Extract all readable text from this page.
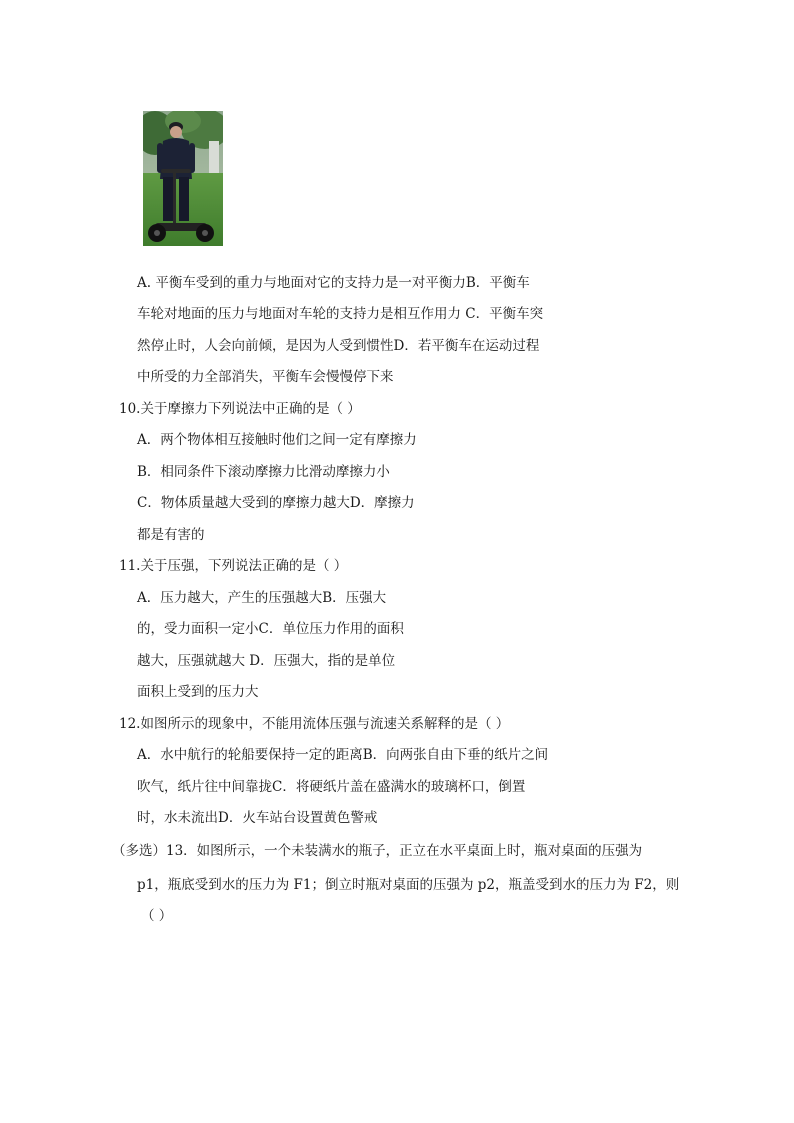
A. 平衡车受到的重力与地面对它的支持力是一对平衡力B．平衡车
车轮对地面的压力与地面对车轮的支持力是相互作用力 C．平衡车突
然停止时，人会向前倾，是因为人受到惯性D．若平衡车在运动过程
中所受的力全部消失，平衡车会慢慢停下来
10.关于摩擦力下列说法中正确的是（ ）
A．两个物体相互接触时他们之间一定有摩擦力
B．相同条件下滚动摩擦力比滑动摩擦力小
C．物体质量越大受到的摩擦力越大D．摩擦力
都是有害的
11.关于压强，下列说法正确的是（ ）
A．压力越大，产生的压强越大B．压强大
的，受力面积一定小C．单位压力作用的面积
越大，压强就越大 D．压强大，指的是单位
面积上受到的压力大
12.如图所示的现象中，不能用流体压强与流速关系解释的是（ ）
A．水中航行的轮船要保持一定的距离B．向两张自由下垂的纸片之间
吹气，纸片往中间靠拢C．将硬纸片盖在盛满水的玻璃杯口，倒置
时，水未流出D．火车站台设置黄色警戒
（多选）13．如图所示，一个未装满水的瓶子，正立在水平桌面上时，瓶对桌面的压强为
p1，瓶底受到水的压力为 F1；倒立时瓶对桌面的压强为 p2，瓶盖受到水的压力为 F2，则
（ ）
